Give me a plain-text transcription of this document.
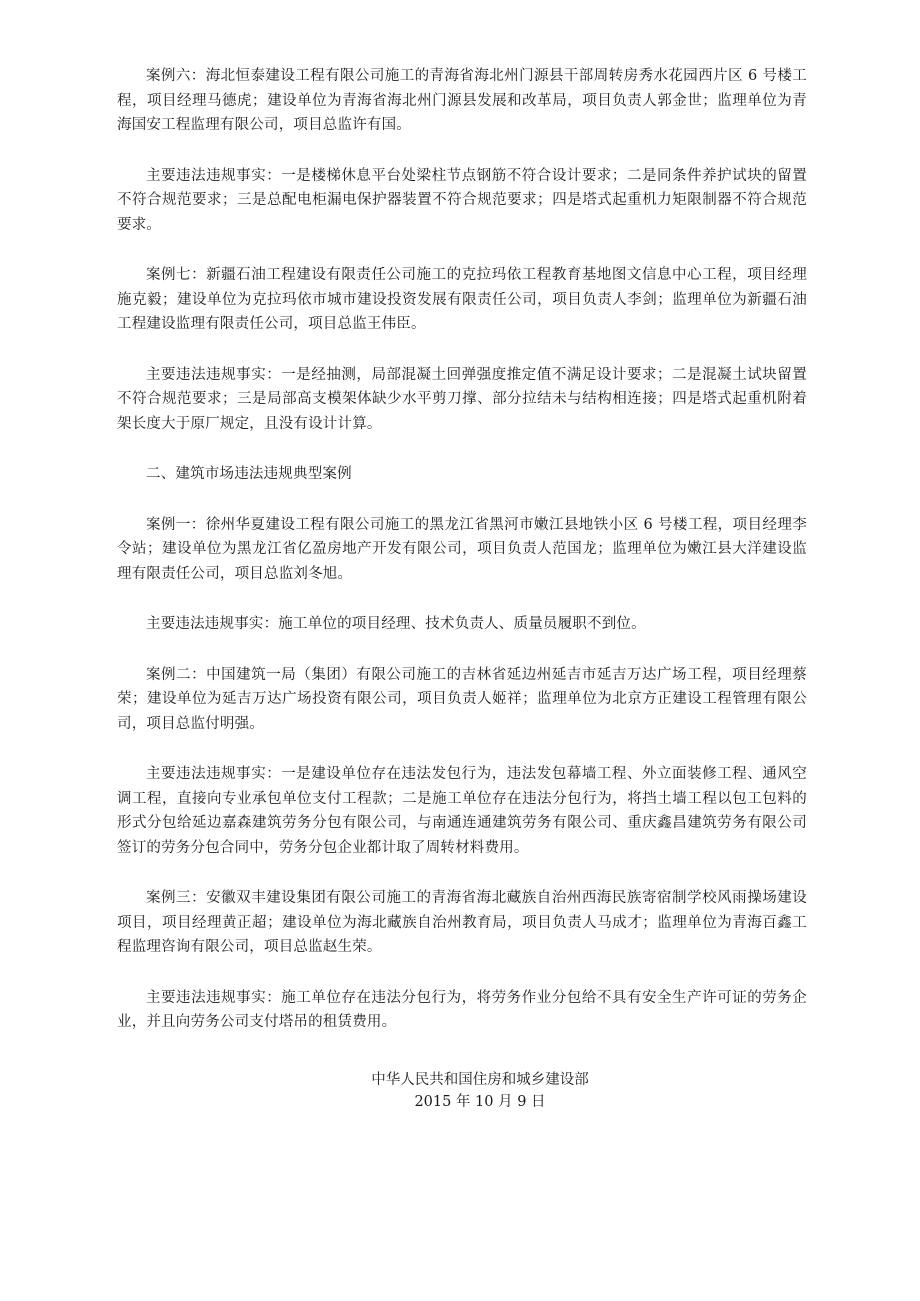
案例六：海北恒泰建设工程有限公司施工的青海省海北州门源县干部周转房秀水花园西片区 6 号楼工程，项目经理马德虎；建设单位为青海省海北州门源县发展和改革局，项目负责人郭金世；监理单位为青海国安工程监理有限公司，项目总监许有国。

主要违法违规事实：一是楼梯休息平台处梁柱节点钢筋不符合设计要求；二是同条件养护试块的留置不符合规范要求；三是总配电柜漏电保护器装置不符合规范要求；四是塔式起重机力矩限制器不符合规范要求。

案例七：新疆石油工程建设有限责任公司施工的克拉玛依工程教育基地图文信息中心工程，项目经理施克毅；建设单位为克拉玛依市城市建设投资发展有限责任公司，项目负责人李剑；监理单位为新疆石油工程建设监理有限责任公司，项目总监王伟臣。

主要违法违规事实：一是经抽测，局部混凝土回弹强度推定值不满足设计要求；二是混凝土试块留置不符合规范要求；三是局部高支模架体缺少水平剪刀撑、部分拉结未与结构相连接；四是塔式起重机附着架长度大于原厂规定，且没有设计计算。

二、建筑市场违法违规典型案例

案例一：徐州华夏建设工程有限公司施工的黑龙江省黑河市嫩江县地铁小区 6 号楼工程，项目经理李令站；建设单位为黑龙江省亿盈房地产开发有限公司，项目负责人范国龙；监理单位为嫩江县大洋建设监理有限责任公司，项目总监刘冬旭。

主要违法违规事实：施工单位的项目经理、技术负责人、质量员履职不到位。

案例二：中国建筑一局（集团）有限公司施工的吉林省延边州延吉市延吉万达广场工程，项目经理蔡荣；建设单位为延吉万达广场投资有限公司，项目负责人姬祥；监理单位为北京方正建设工程管理有限公司，项目总监付明强。

主要违法违规事实：一是建设单位存在违法发包行为，违法发包幕墙工程、外立面装修工程、通风空调工程，直接向专业承包单位支付工程款；二是施工单位存在违法分包行为，将挡土墙工程以包工包料的形式分包给延边嘉森建筑劳务分包有限公司，与南通连通建筑劳务有限公司、重庆鑫昌建筑劳务有限公司签订的劳务分包合同中，劳务分包企业都计取了周转材料费用。

案例三：安徽双丰建设集团有限公司施工的青海省海北藏族自治州西海民族寄宿制学校风雨操场建设项目，项目经理黄正超；建设单位为海北藏族自治州教育局，项目负责人马成才；监理单位为青海百鑫工程监理咨询有限公司，项目总监赵生荣。

主要违法违规事实：施工单位存在违法分包行为，将劳务作业分包给不具有安全生产许可证的劳务企业，并且向劳务公司支付塔吊的租赁费用。

中华人民共和国住房和城乡建设部
2015 年 10 月 9 日
